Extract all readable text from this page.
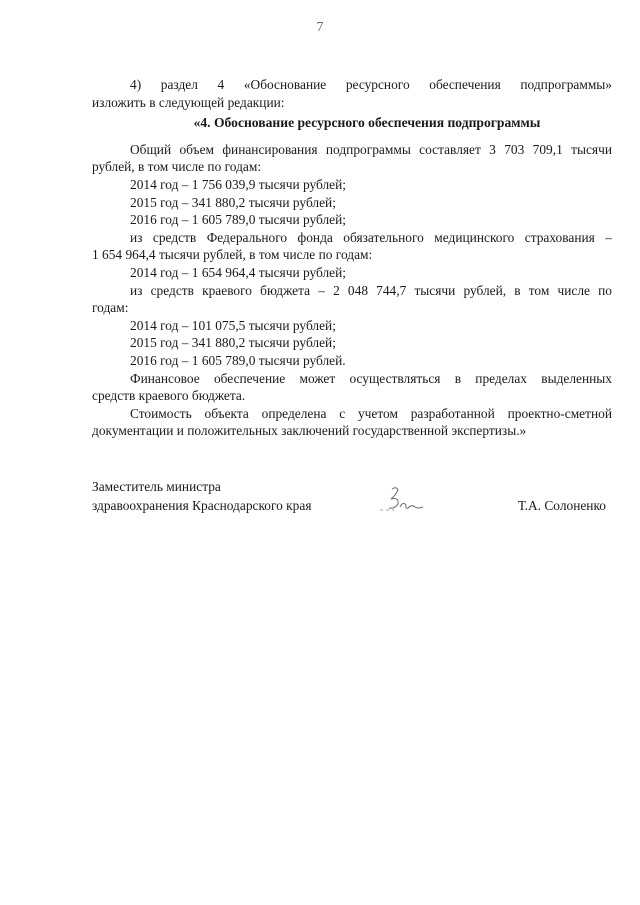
7

4) раздел 4 «Обоснование ресурсного обеспечения подпрограммы»

изложить в следующей редакции:

«4. Обоснование ресурсного обеспечения подпрограммы

Общий объем финансирования подпрограммы составляет 3 703 709,1 тысячи

рублей, в том числе по годам:

2014 год – 1 756 039,9 тысячи рублей;

2015 год – 341 880,2 тысячи рублей;

2016 год – 1 605 789,0 тысячи рублей;

из средств Федерального фонда обязательного медицинского страхования –

1 654 964,4 тысячи рублей, в том числе по годам:

2014 год – 1 654 964,4 тысячи рублей;

из средств краевого бюджета – 2 048 744,7 тысячи рублей, в том числе по

годам:

2014 год – 101 075,5 тысячи рублей;

2015 год – 341 880,2 тысячи рублей;

2016 год – 1 605 789,0 тысячи рублей.

Финансовое обеспечение может осуществляться в пределах выделенных

средств краевого бюджета.

Стоимость объекта определена с учетом разработанной проектно-сметной

документации и положительных заключений государственной экспертизы.»

Заместитель министра

здравоохранения Краснодарского края	Т.А. Солоненко
